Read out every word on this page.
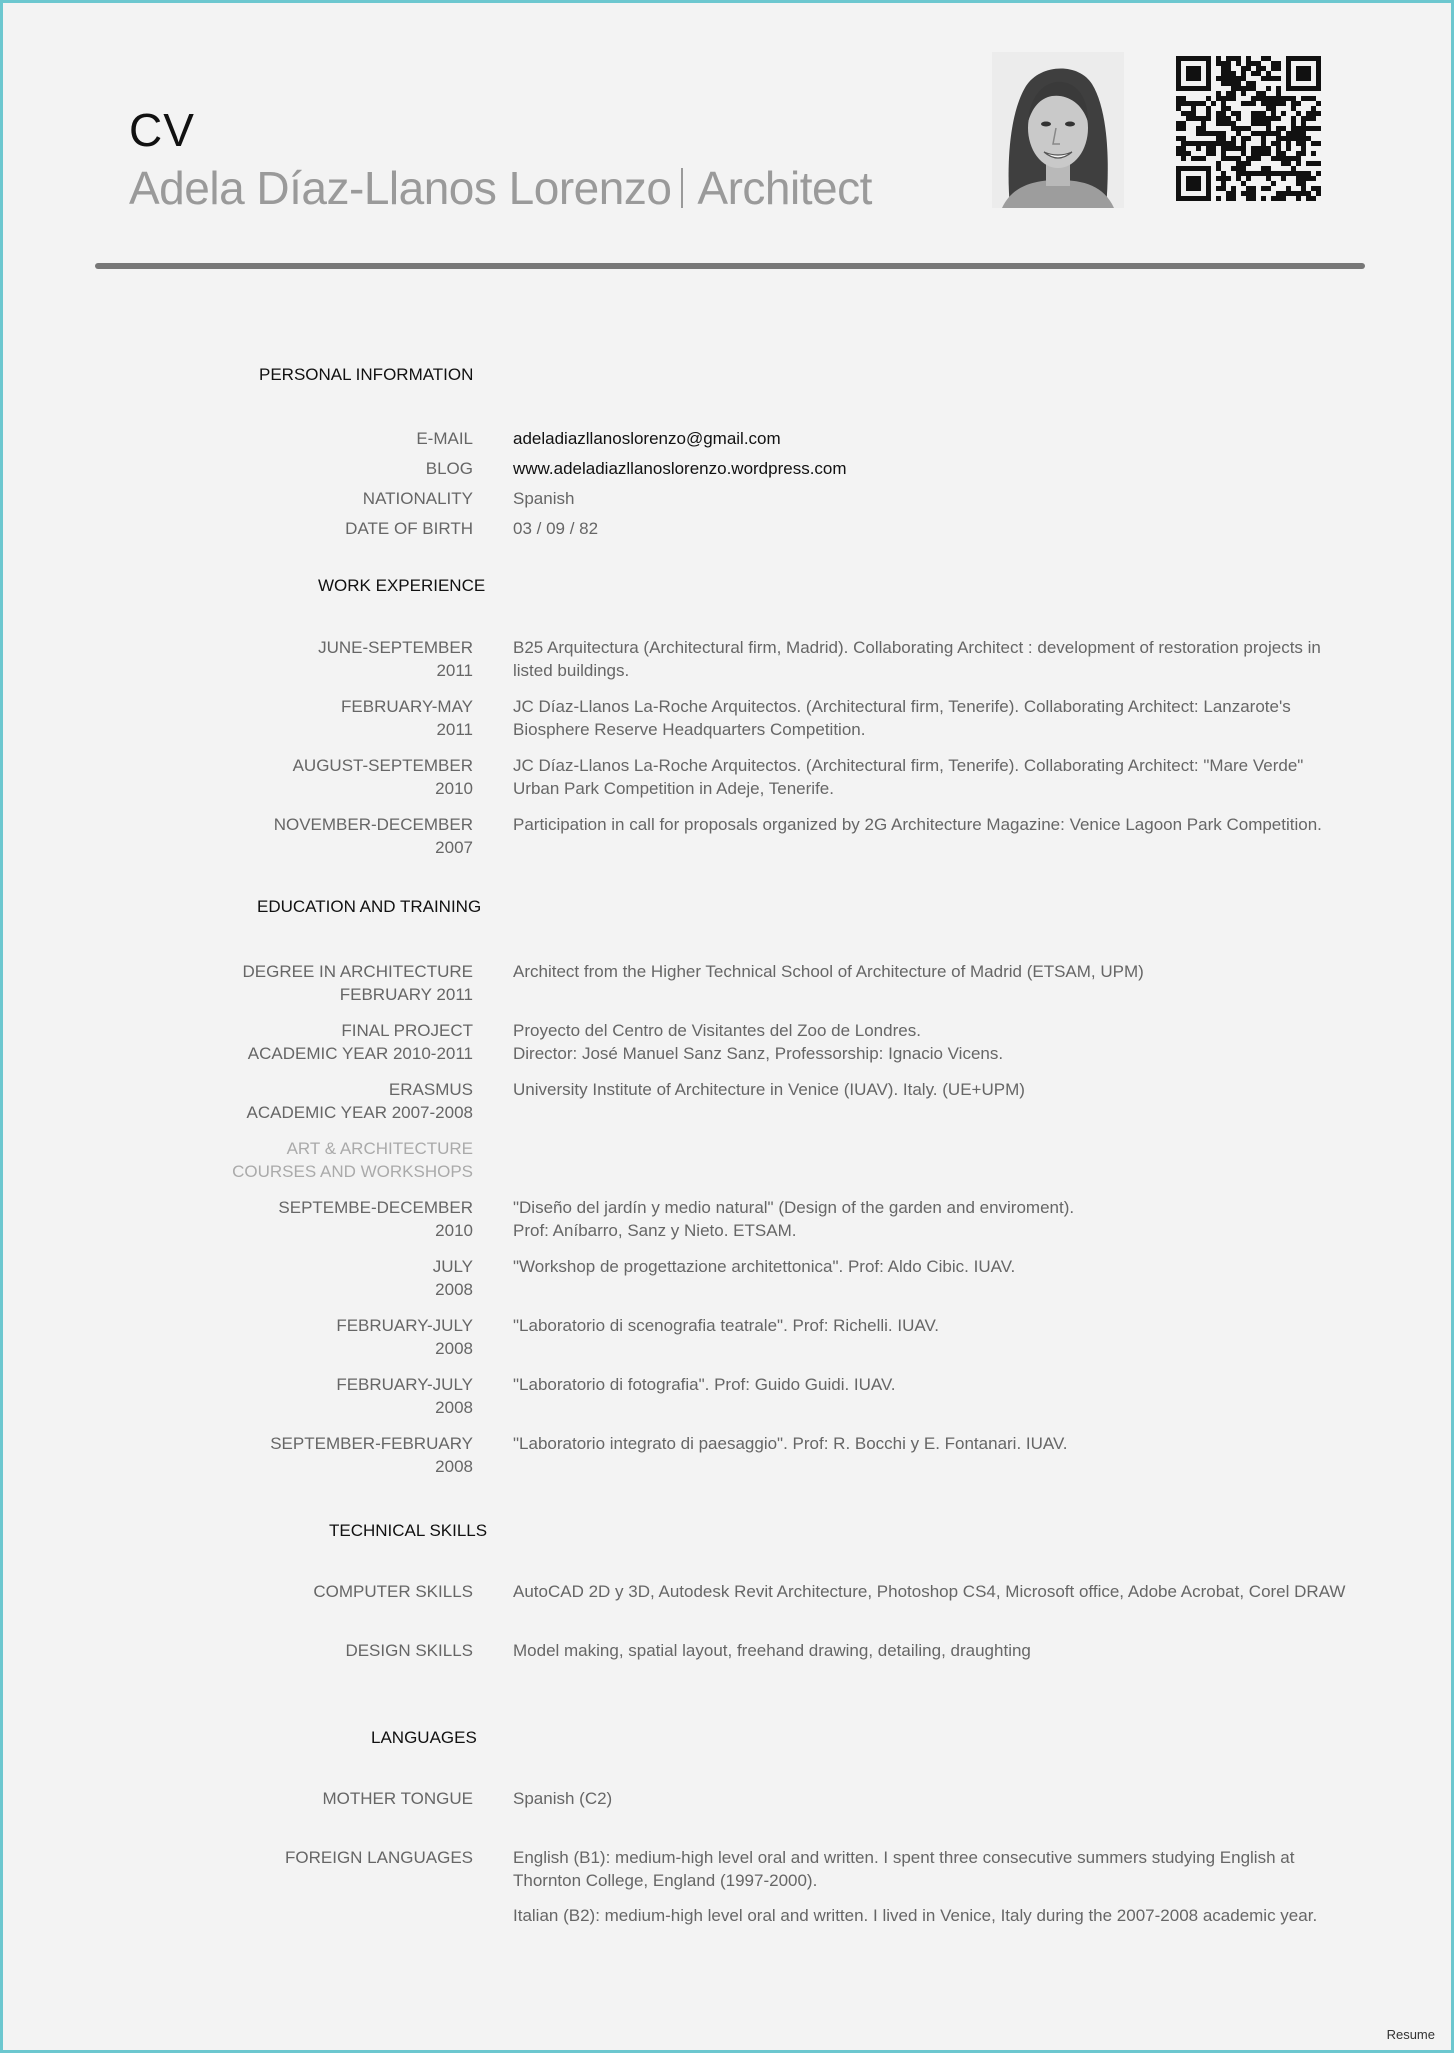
CV
Adela Díaz-Llanos Lorenzo Architect
PERSONAL INFORMATION
E-MAIL adeladiazllanoslorenzo@gmail.com
BLOG www.adeladiazllanoslorenzo.wordpress.com
NATIONALITY Spanish
DATE OF BIRTH 03 / 09 / 82
WORK EXPERIENCE
JUNE-SEPTEMBER
2011
B25 Arquitectura (Architectural firm, Madrid). Collaborating Architect : development of restoration projects in listed buildings.
FEBRUARY-MAY
2011
JC Díaz-Llanos La-Roche Arquitectos. (Architectural firm, Tenerife). Collaborating Architect: Lanzarote's Biosphere Reserve Headquarters Competition.
AUGUST-SEPTEMBER
2010
JC Díaz-Llanos La-Roche Arquitectos. (Architectural firm, Tenerife). Collaborating Architect: "Mare Verde" Urban Park Competition in Adeje, Tenerife.
NOVEMBER-DECEMBER
2007
Participation in call for proposals organized by 2G Architecture Magazine: Venice Lagoon Park Competition.
EDUCATION AND TRAINING
DEGREE IN ARCHITECTURE
FEBRUARY 2011
Architect from the Higher Technical School of Architecture of Madrid (ETSAM, UPM)
FINAL PROJECT
ACADEMIC YEAR 2010-2011
Proyecto del Centro de Visitantes del Zoo de Londres.
Director: José Manuel Sanz Sanz, Professorship: Ignacio Vicens.
ERASMUS
ACADEMIC YEAR 2007-2008
University Institute of Architecture in Venice (IUAV). Italy. (UE+UPM)
ART & ARCHITECTURE
COURSES AND WORKSHOPS
SEPTEMBE-DECEMBER
2010
"Diseño del jardín y medio natural" (Design of the garden and enviroment).
Prof: Aníbarro, Sanz y Nieto. ETSAM.
JULY
2008
"Workshop de progettazione architettonica". Prof: Aldo Cibic. IUAV.
FEBRUARY-JULY
2008
"Laboratorio di scenografia teatrale". Prof: Richelli. IUAV.
FEBRUARY-JULY
2008
"Laboratorio di fotografia". Prof: Guido Guidi. IUAV.
SEPTEMBER-FEBRUARY
2008
"Laboratorio integrato di paesaggio". Prof: R. Bocchi y E. Fontanari. IUAV.
TECHNICAL SKILLS
COMPUTER SKILLS AutoCAD 2D y 3D, Autodesk Revit Architecture, Photoshop CS4, Microsoft office, Adobe Acrobat, Corel DRAW
DESIGN SKILLS Model making, spatial layout, freehand drawing, detailing, draughting
LANGUAGES
MOTHER TONGUE Spanish (C2)
FOREIGN LANGUAGES English (B1): medium-high level oral and written. I spent three consecutive summers studying English at Thornton College, England (1997-2000).

Italian (B2): medium-high level oral and written. I lived in Venice, Italy during the 2007-2008 academic year.

Resume
